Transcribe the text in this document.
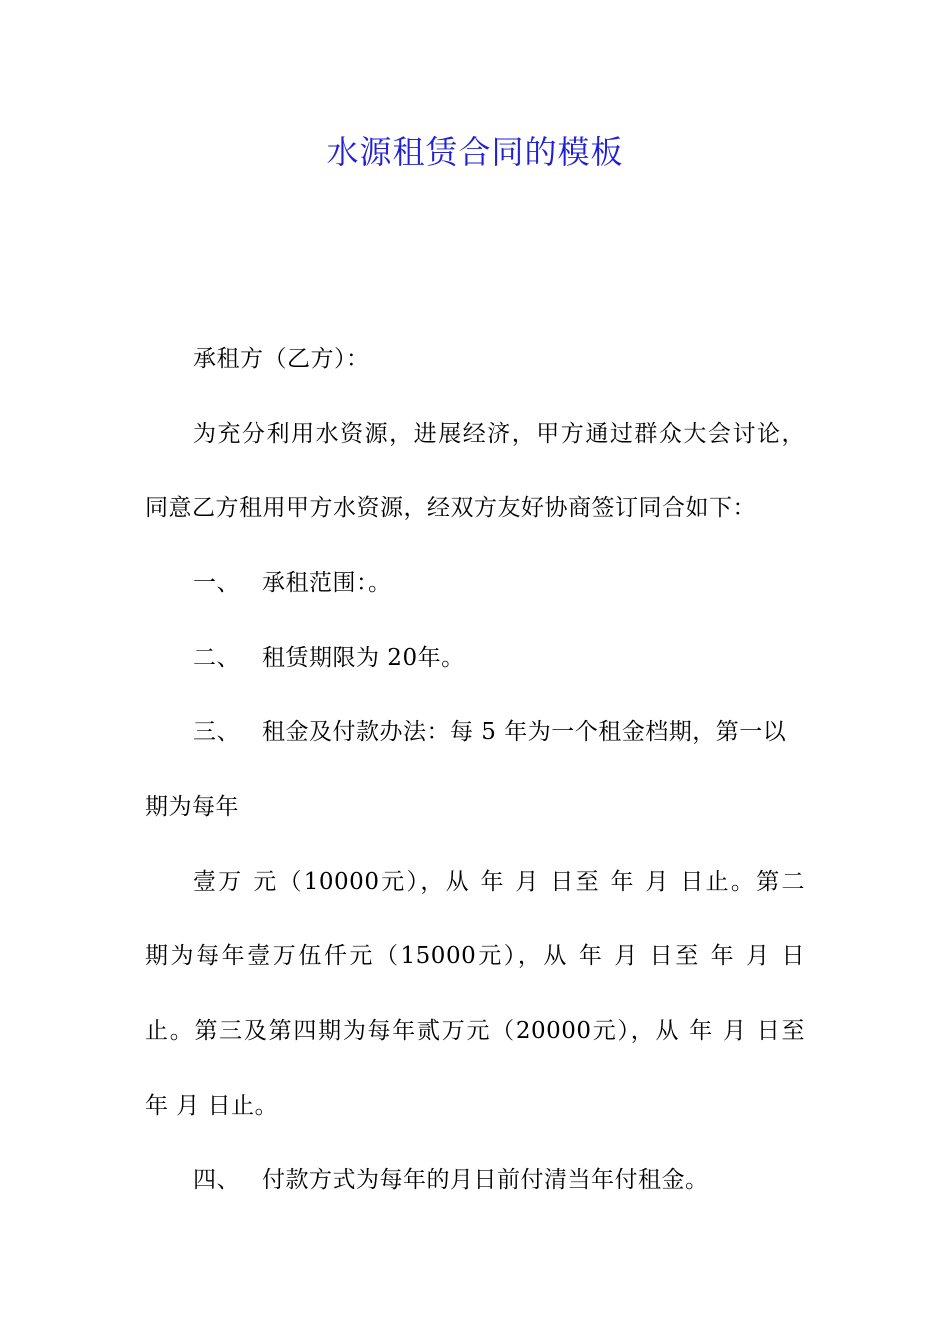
水源租赁合同的模板
承租方（乙方）：
为充分利用水资源，进展经济，甲方通过群众大会讨论，
同意乙方租用甲方水资源，经双方友好协商签订同合如下：
一、 承租范围：。
二、 租赁期限为 20年。
三、 租金及付款办法：每 5 年为一个租金档期，第一以
期为每年
壹万 元（10000元），从 年 月 日至 年 月 日止。第二
期为每年壹万伍仟元（15000元），从 年 月 日至 年 月 日
止。第三及第四期为每年贰万元（20000元），从 年 月 日至
年 月 日止。
四、 付款方式为每年的月日前付清当年付租金。
